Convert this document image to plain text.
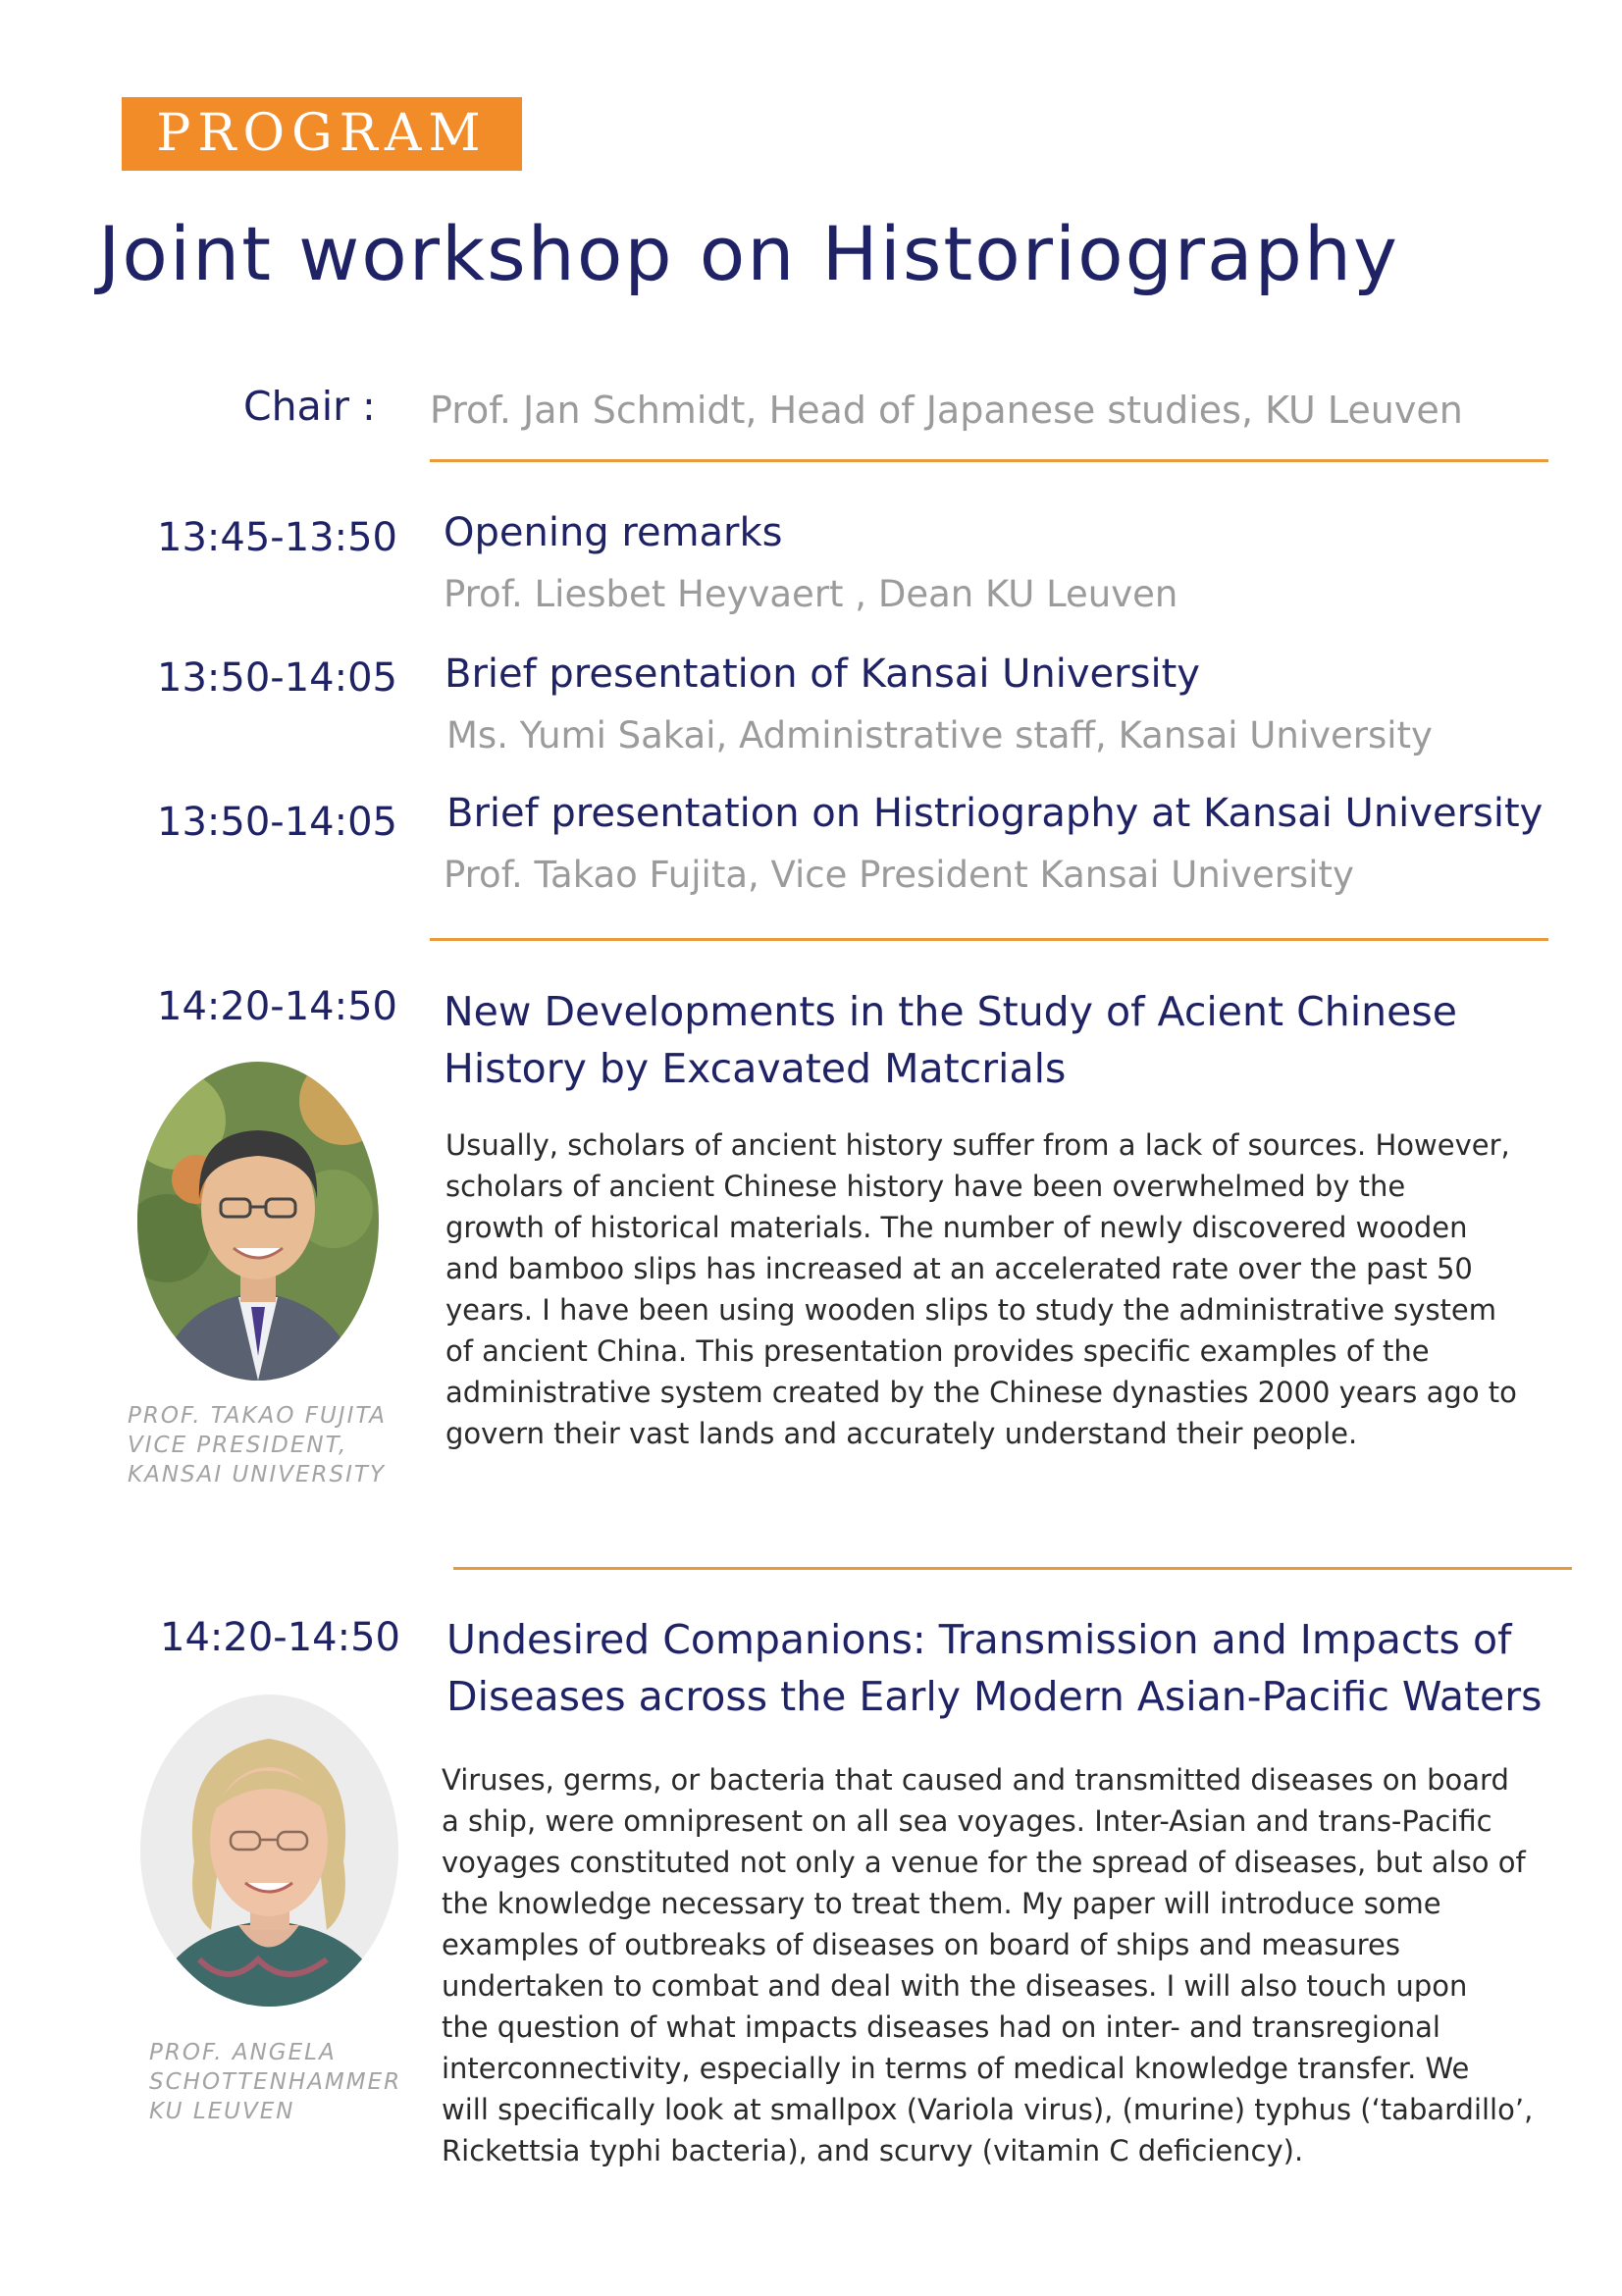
PROGRAM
Joint workshop on Historiography
Chair : Prof. Jan Schmidt, Head of Japanese studies, KU Leuven
13:45-13:50 Opening remarks
Prof. Liesbet Heyvaert , Dean KU Leuven
13:50-14:05 Brief presentation of Kansai University
Ms. Yumi Sakai, Administrative staff, Kansai University
13:50-14:05 Brief presentation on Histriography at Kansai University
Prof. Takao Fujita, Vice President Kansai University
14:20-14:50 New Developments in the Study of Acient Chinese
History by Excavated Matcrials
PROF. TAKAO FUJITA
VICE PRESIDENT,
KANSAI UNIVERSITY
Usually, scholars of ancient history suffer from a lack of sources. However,
scholars of ancient Chinese history have been overwhelmed by the
growth of historical materials. The number of newly discovered wooden
and bamboo slips has increased at an accelerated rate over the past 50
years. I have been using wooden slips to study the administrative system
of ancient China. This presentation provides specific examples of the
administrative system created by the Chinese dynasties 2000 years ago to
govern their vast lands and accurately understand their people.
14:20-14:50 Undesired Companions: Transmission and Impacts of
Diseases across the Early Modern Asian-Pacific Waters
PROF. ANGELA
SCHOTTENHAMMER
KU LEUVEN
Viruses, germs, or bacteria that caused and transmitted diseases on board
a ship, were omnipresent on all sea voyages. Inter-Asian and trans-Pacific
voyages constituted not only a venue for the spread of diseases, but also of
the knowledge necessary to treat them. My paper will introduce some
examples of outbreaks of diseases on board of ships and measures
undertaken to combat and deal with the diseases. I will also touch upon
the question of what impacts diseases had on inter- and transregional
interconnectivity, especially in terms of medical knowledge transfer. We
will specifically look at smallpox (Variola virus), (murine) typhus (‘tabardillo’,
Rickettsia typhi bacteria), and scurvy (vitamin C deficiency).
